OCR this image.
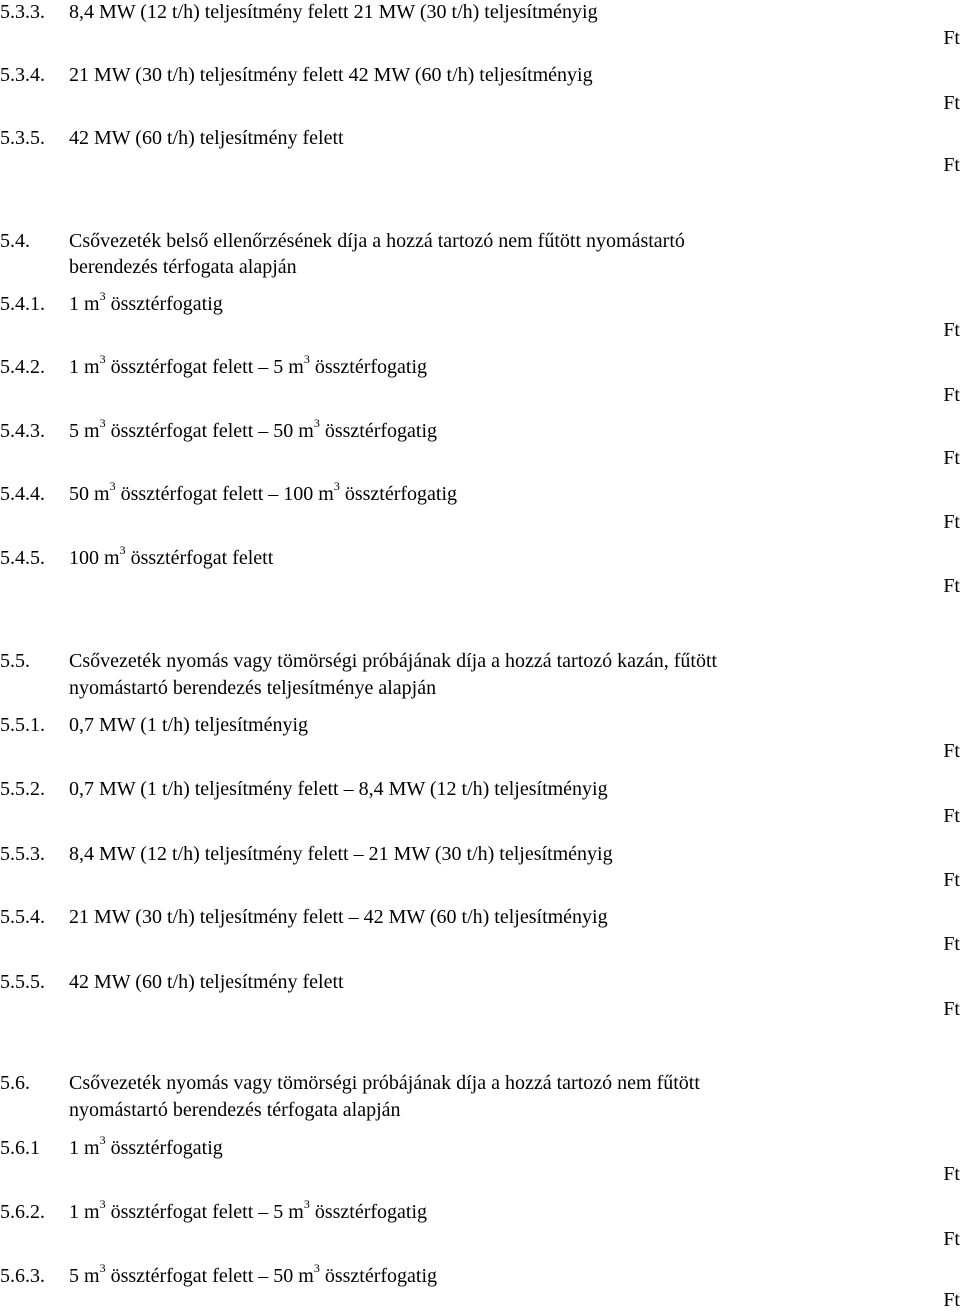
5.3.3. 8,4 MW (12 t/h) teljesítmény felett 21 MW (30 t/h) teljesítményig
Ft
5.3.4. 21 MW (30 t/h) teljesítmény felett 42 MW (60 t/h) teljesítményig
Ft
5.3.5. 42 MW (60 t/h) teljesítmény felett
Ft
5.4. Csővezeték belső ellenőrzésének díja a hozzá tartozó nem fűtött nyomástartó
berendezés térfogata alapján
5.4.1. 1 $m^3$ össztérfogatig
Ft
5.4.2. 1 $m^3$ össztérfogat felett – 5 $m^3$ össztérfogatig
Ft
5.4.3. 5 $m^3$ össztérfogat felett – 50 $m^3$ össztérfogatig
Ft
5.4.4. 50 $m^3$ össztérfogat felett – 100 $m^3$ össztérfogatig
Ft
5.4.5. 100 $m^3$ össztérfogat felett
Ft
5.5. Csővezeték nyomás vagy tömörségi próbájának díja a hozzá tartozó kazán, fűtött
nyomástartó berendezés teljesítménye alapján
5.5.1. 0,7 MW (1 t/h) teljesítményig
Ft
5.5.2. 0,7 MW (1 t/h) teljesítmény felett – 8,4 MW (12 t/h) teljesítményig
Ft
5.5.3. 8,4 MW (12 t/h) teljesítmény felett – 21 MW (30 t/h) teljesítményig
Ft
5.5.4. 21 MW (30 t/h) teljesítmény felett – 42 MW (60 t/h) teljesítményig
Ft
5.5.5. 42 MW (60 t/h) teljesítmény felett
Ft
5.6. Csővezeték nyomás vagy tömörségi próbájának díja a hozzá tartozó nem fűtött
nyomástartó berendezés térfogata alapján
5.6.1 1 $m^3$ össztérfogatig
Ft
5.6.2. 1 $m^3$ össztérfogat felett – 5 $m^3$ össztérfogatig
Ft
5.6.3. 5 $m^3$ össztérfogat felett – 50 $m^3$ össztérfogatig
Ft
